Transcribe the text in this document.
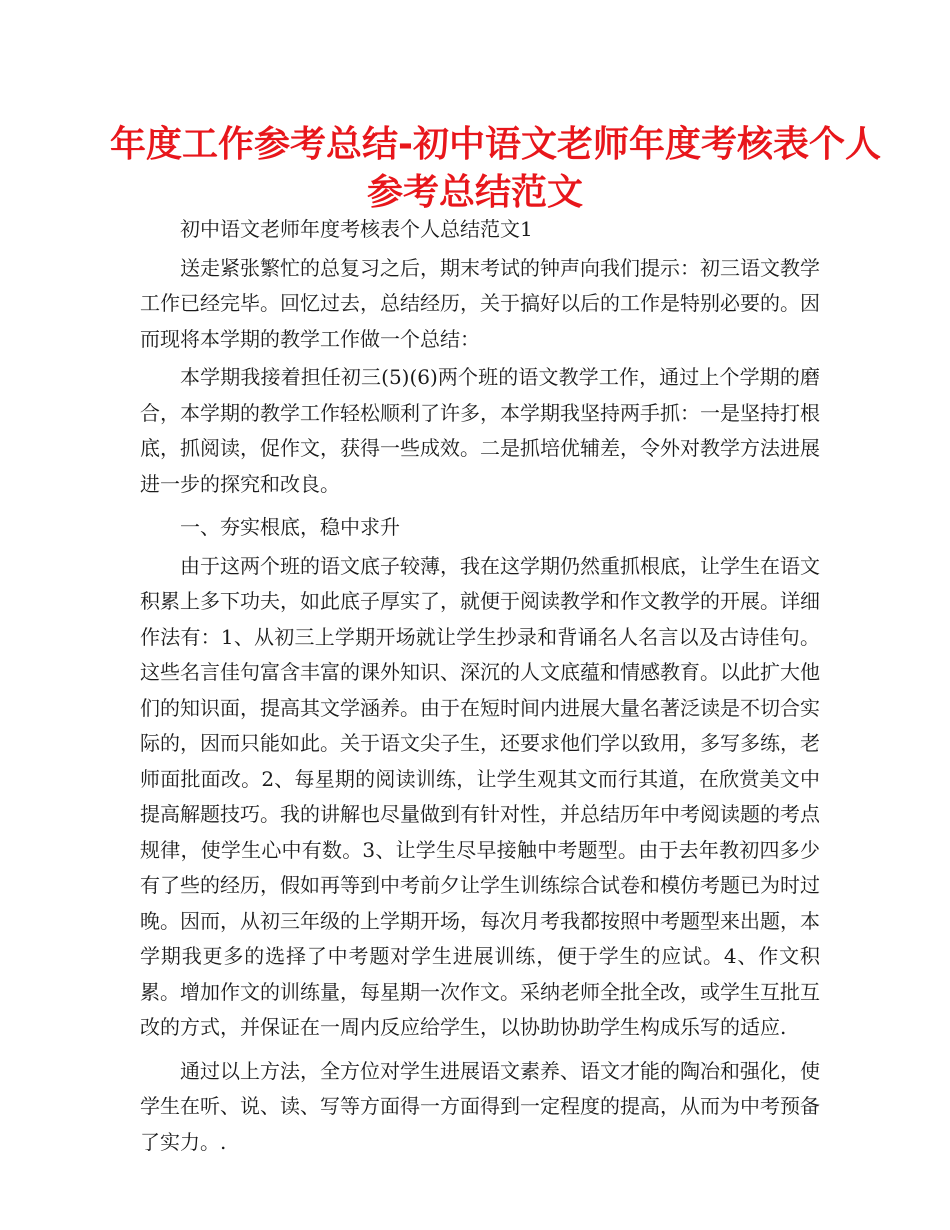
年度工作参考总结-初中语文老师年度考核表个人
参考总结范文

初中语文老师年度考核表个人总结范文1

送走紧张繁忙的总复习之后，期末考试的钟声向我们提示：初三语文教学工作已经完毕。回忆过去，总结经历，关于搞好以后的工作是特别必要的。因而现将本学期的教学工作做一个总结：

本学期我接着担任初三(5)(6)两个班的语文教学工作，通过上个学期的磨合，本学期的教学工作轻松顺利了许多，本学期我坚持两手抓：一是坚持打根底，抓阅读，促作文，获得一些成效。二是抓培优辅差，令外对教学方法进展进一步的探究和改良。

一、夯实根底，稳中求升

由于这两个班的语文底子较薄，我在这学期仍然重抓根底，让学生在语文积累上多下功夫，如此底子厚实了，就便于阅读教学和作文教学的开展。详细作法有：1、从初三上学期开场就让学生抄录和背诵名人名言以及古诗佳句。这些名言佳句富含丰富的课外知识、深沉的人文底蕴和情感教育。以此扩大他们的知识面，提高其文学涵养。由于在短时间内进展大量名著泛读是不切合实际的，因而只能如此。关于语文尖子生，还要求他们学以致用，多写多练，老师面批面改。2、每星期的阅读训练，让学生观其文而行其道，在欣赏美文中提高解题技巧。我的讲解也尽量做到有针对性，并总结历年中考阅读题的考点规律，使学生心中有数。3、让学生尽早接触中考题型。由于去年教初四多少有了些的经历，假如再等到中考前夕让学生训练综合试卷和模仿考题已为时过晚。因而，从初三年级的上学期开场，每次月考我都按照中考题型来出题，本学期我更多的选择了中考题对学生进展训练，便于学生的应试。4、作文积累。增加作文的训练量，每星期一次作文。采纳老师全批全改，或学生互批互改的方式，并保证在一周内反应给学生，以协助协助学生构成乐写的适应.

通过以上方法，全方位对学生进展语文素养、语文才能的陶冶和强化，使学生在听、说、读、写等方面得一方面得到一定程度的提高，从而为中考预备了实力。.
